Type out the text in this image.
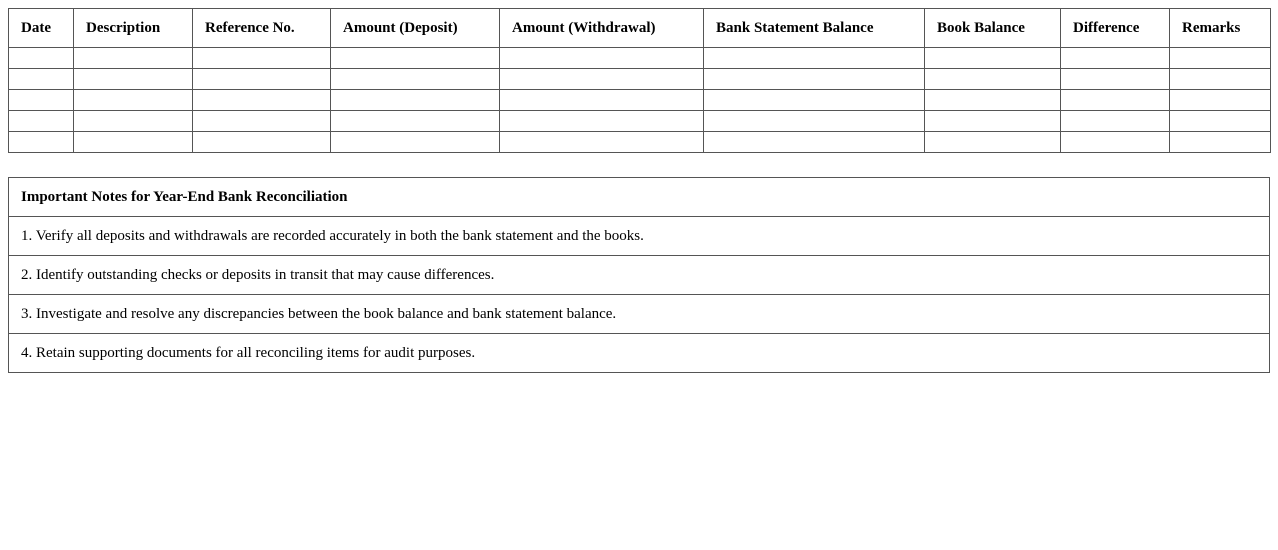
Date	Description	Reference No.	Amount (Deposit)	Amount (Withdrawal)	Bank Statement Balance	Book Balance	Difference	Remarks

Important Notes for Year-End Bank Reconciliation
1. Verify all deposits and withdrawals are recorded accurately in both the bank statement and the books.
2. Identify outstanding checks or deposits in transit that may cause differences.
3. Investigate and resolve any discrepancies between the book balance and bank statement balance.
4. Retain supporting documents for all reconciling items for audit purposes.
